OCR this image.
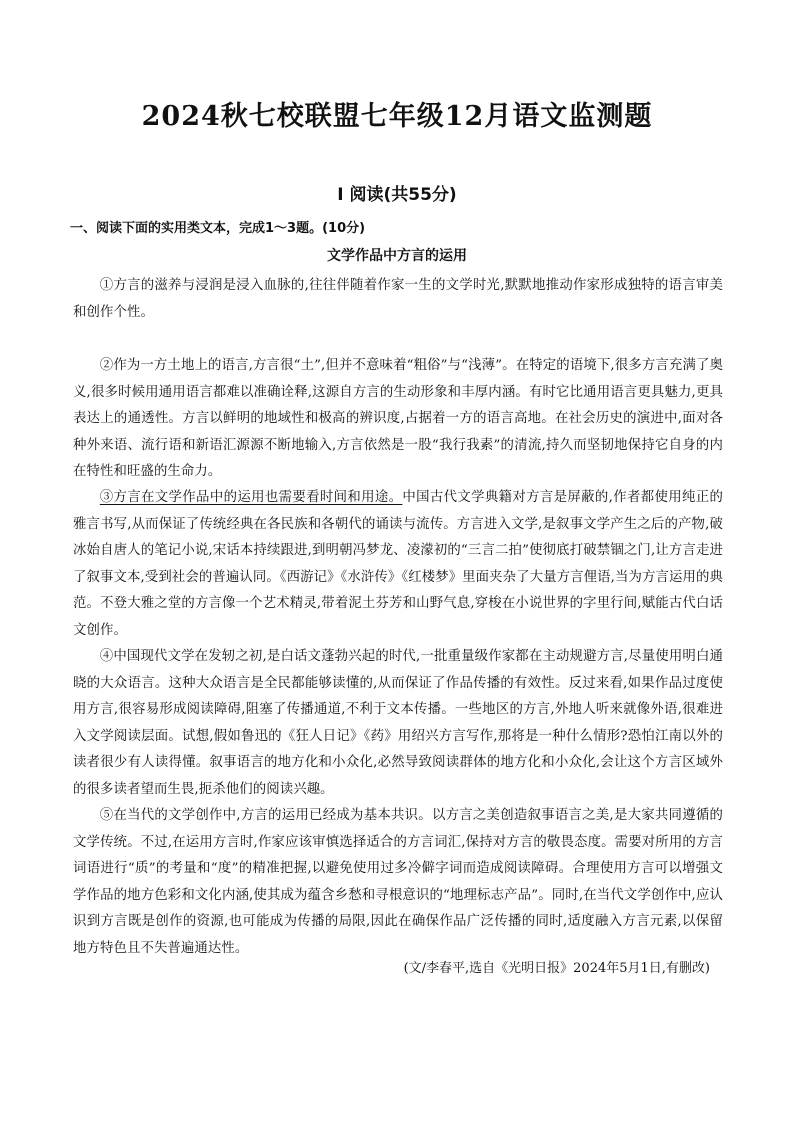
2024秋七校联盟七年级12月语文监测题
Ⅰ 阅读(共55分)
一、阅读下面的实用类文本，完成1～3题。(10分)
文学作品中方言的运用

①方言的滋养与浸润是浸入血脉的,往往伴随着作家一生的文学时光,默默地推动作家形成独特的语言审美和创作个性。

②作为一方土地上的语言,方言很“土”,但并不意味着“粗俗”与“浅薄”。在特定的语境下,很多方言充满了奥义,很多时候用通用语言都难以准确诠释,这源自方言的生动形象和丰厚内涵。有时它比通用语言更具魅力,更具表达上的通透性。方言以鲜明的地域性和极高的辨识度,占据着一方的语言高地。在社会历史的演进中,面对各种外来语、流行语和新语汇源源不断地输入,方言依然是一股“我行我素”的清流,持久而坚韧地保持它自身的内在特性和旺盛的生命力。

③方言在文学作品中的运用也需要看时间和用途。中国古代文学典籍对方言是屏蔽的,作者都使用纯正的雅言书写,从而保证了传统经典在各民族和各朝代的诵读与流传。方言进入文学,是叙事文学产生之后的产物,破冰始自唐人的笔记小说,宋话本持续跟进,到明朝冯梦龙、凌濛初的“三言二拍”使彻底打破禁锢之门,让方言走进了叙事文本,受到社会的普遍认同。《西游记》《水浒传》《红楼梦》里面夹杂了大量方言俚语,当为方言运用的典范。不登大雅之堂的方言像一个艺术精灵,带着泥土芬芳和山野气息,穿梭在小说世界的字里行间,赋能古代白话文创作。

④中国现代文学在发轫之初,是白话文蓬勃兴起的时代,一批重量级作家都在主动规避方言,尽量使用明白通晓的大众语言。这种大众语言是全民都能够读懂的,从而保证了作品传播的有效性。反过来看,如果作品过度使用方言,很容易形成阅读障碍,阻塞了传播通道,不利于文本传播。一些地区的方言,外地人听来就像外语,很难进入文学阅读层面。试想,假如鲁迅的《狂人日记》《药》用绍兴方言写作,那将是一种什么情形?恐怕江南以外的读者很少有人读得懂。叙事语言的地方化和小众化,必然导致阅读群体的地方化和小众化,会让这个方言区域外的很多读者望而生畏,扼杀他们的阅读兴趣。

⑤在当代的文学创作中,方言的运用已经成为基本共识。以方言之美创造叙事语言之美,是大家共同遵循的文学传统。不过,在运用方言时,作家应该审慎选择适合的方言词汇,保持对方言的敬畏态度。需要对所用的方言词语进行“质”的考量和“度”的精准把握,以避免使用过多冷僻字词而造成阅读障碍。合理使用方言可以增强文学作品的地方色彩和文化内涵,使其成为蕴含乡愁和寻根意识的“地理标志产品”。同时,在当代文学创作中,应认识到方言既是创作的资源,也可能成为传播的局限,因此在确保作品广泛传播的同时,适度融入方言元素,以保留地方特色且不失普遍通达性。

(文/李春平,选自《光明日报》2024年5月1日,有删改)
